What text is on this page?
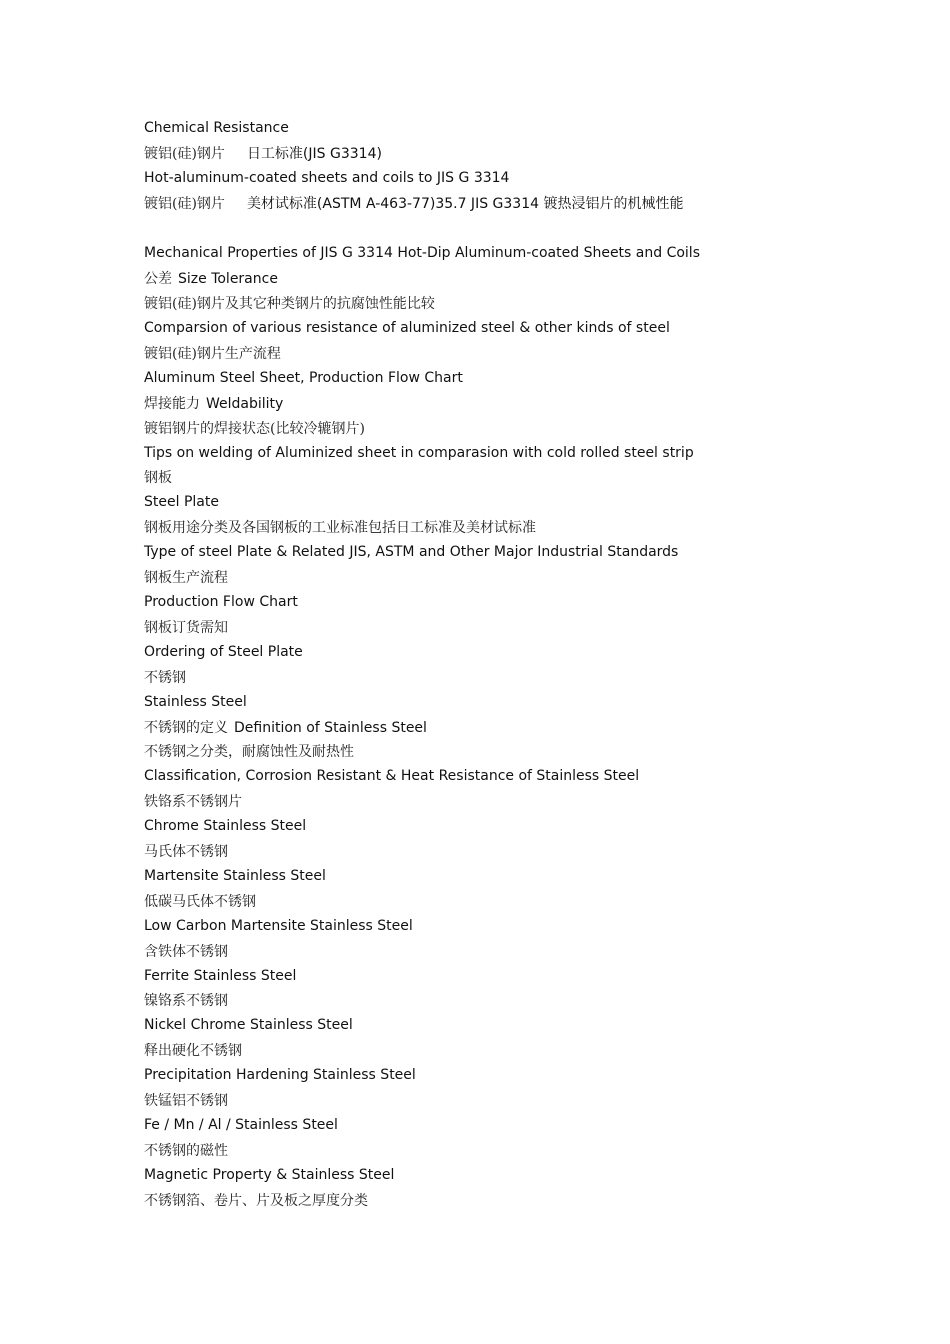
Chemical Resistance
镀铝(硅)钢片 日工标准(JIS G3314)
Hot-aluminum-coated sheets and coils to JIS G 3314
镀铝(硅)钢片 美材试标准(ASTM A-463-77)35.7 JIS G3314 镀热浸铝片的机械性能
Mechanical Properties of JIS G 3314 Hot-Dip Aluminum-coated Sheets and Coils
公差 Size Tolerance
镀铝(硅)钢片及其它种类钢片的抗腐蚀性能比较
Comparsion of various resistance of aluminized steel & other kinds of steel
镀铝(硅)钢片生产流程
Aluminum Steel Sheet, Production Flow Chart
焊接能力 Weldability
镀铝钢片的焊接状态(比较冷辘钢片)
Tips on welding of Aluminized sheet in comparasion with cold rolled steel strip
钢板
Steel Plate
钢板用途分类及各国钢板的工业标准包括日工标准及美材试标准
Type of steel Plate & Related JIS, ASTM and Other Major Industrial Standards
钢板生产流程
Production Flow Chart
钢板订货需知
Ordering of Steel Plate
不锈钢
Stainless Steel
不锈钢的定义 Definition of Stainless Steel
不锈钢之分类，耐腐蚀性及耐热性
Classification, Corrosion Resistant & Heat Resistance of Stainless Steel
铁铬系不锈钢片
Chrome Stainless Steel
马氏体不锈钢
Martensite Stainless Steel
低碳马氏体不锈钢
Low Carbon Martensite Stainless Steel
含铁体不锈钢
Ferrite Stainless Steel
镍铬系不锈钢
Nickel Chrome Stainless Steel
释出硬化不锈钢
Precipitation Hardening Stainless Steel
铁锰铝不锈钢
Fe / Mn / Al / Stainless Steel
不锈钢的磁性
Magnetic Property & Stainless Steel
不锈钢箔、卷片、片及板之厚度分类
